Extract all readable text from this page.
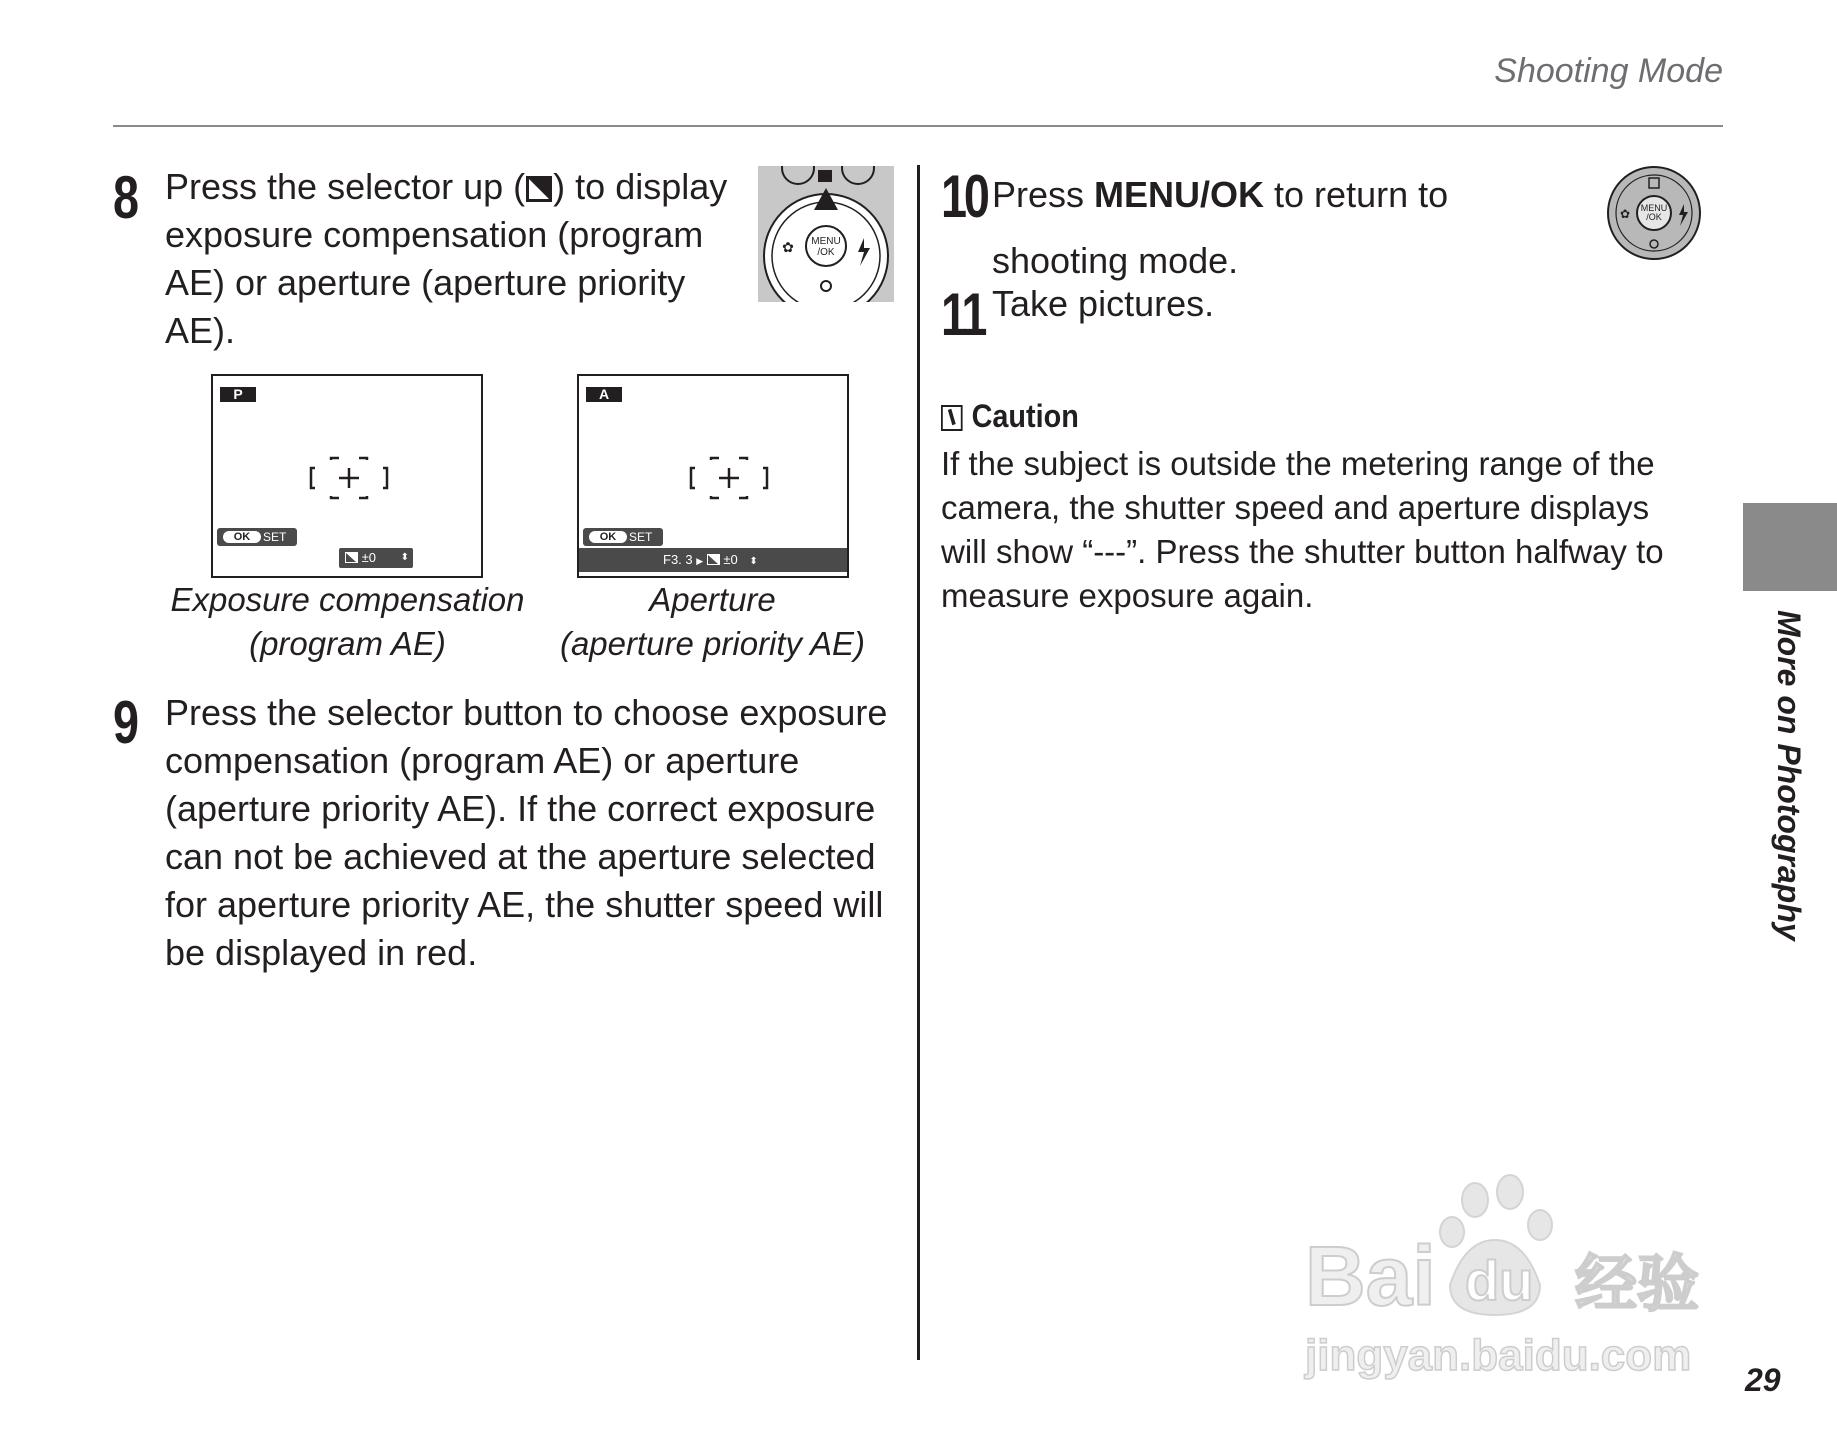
Shooting Mode
8 Press the selector up ( ) to display exposure compensation (program AE) or aperture (aperture priority AE).
MENU
/OK
✿
P
OK	SET
±0 ⬍
Exposure compensation
(program AE)
A
OK	SET
F3. 3 ▶ ±0 ⬍
Aperture
(aperture priority AE)
9 Press the selector button to choose exposure compensation (program AE) or aperture (aperture priority AE). If the correct exposure can not be achieved at the aperture selected for aperture priority AE, the shutter speed will be displayed in red.
10 Press MENU/OK to return to shooting mode.
MENU
/OK
✿
11 Take pictures.
Caution
If the subject is outside the metering range of the camera, the shutter speed and aperture displays will show “---”. Press the shutter button halfway to measure exposure again.
More on Photography
29
Bai du 经验
jingyan.baidu.com
